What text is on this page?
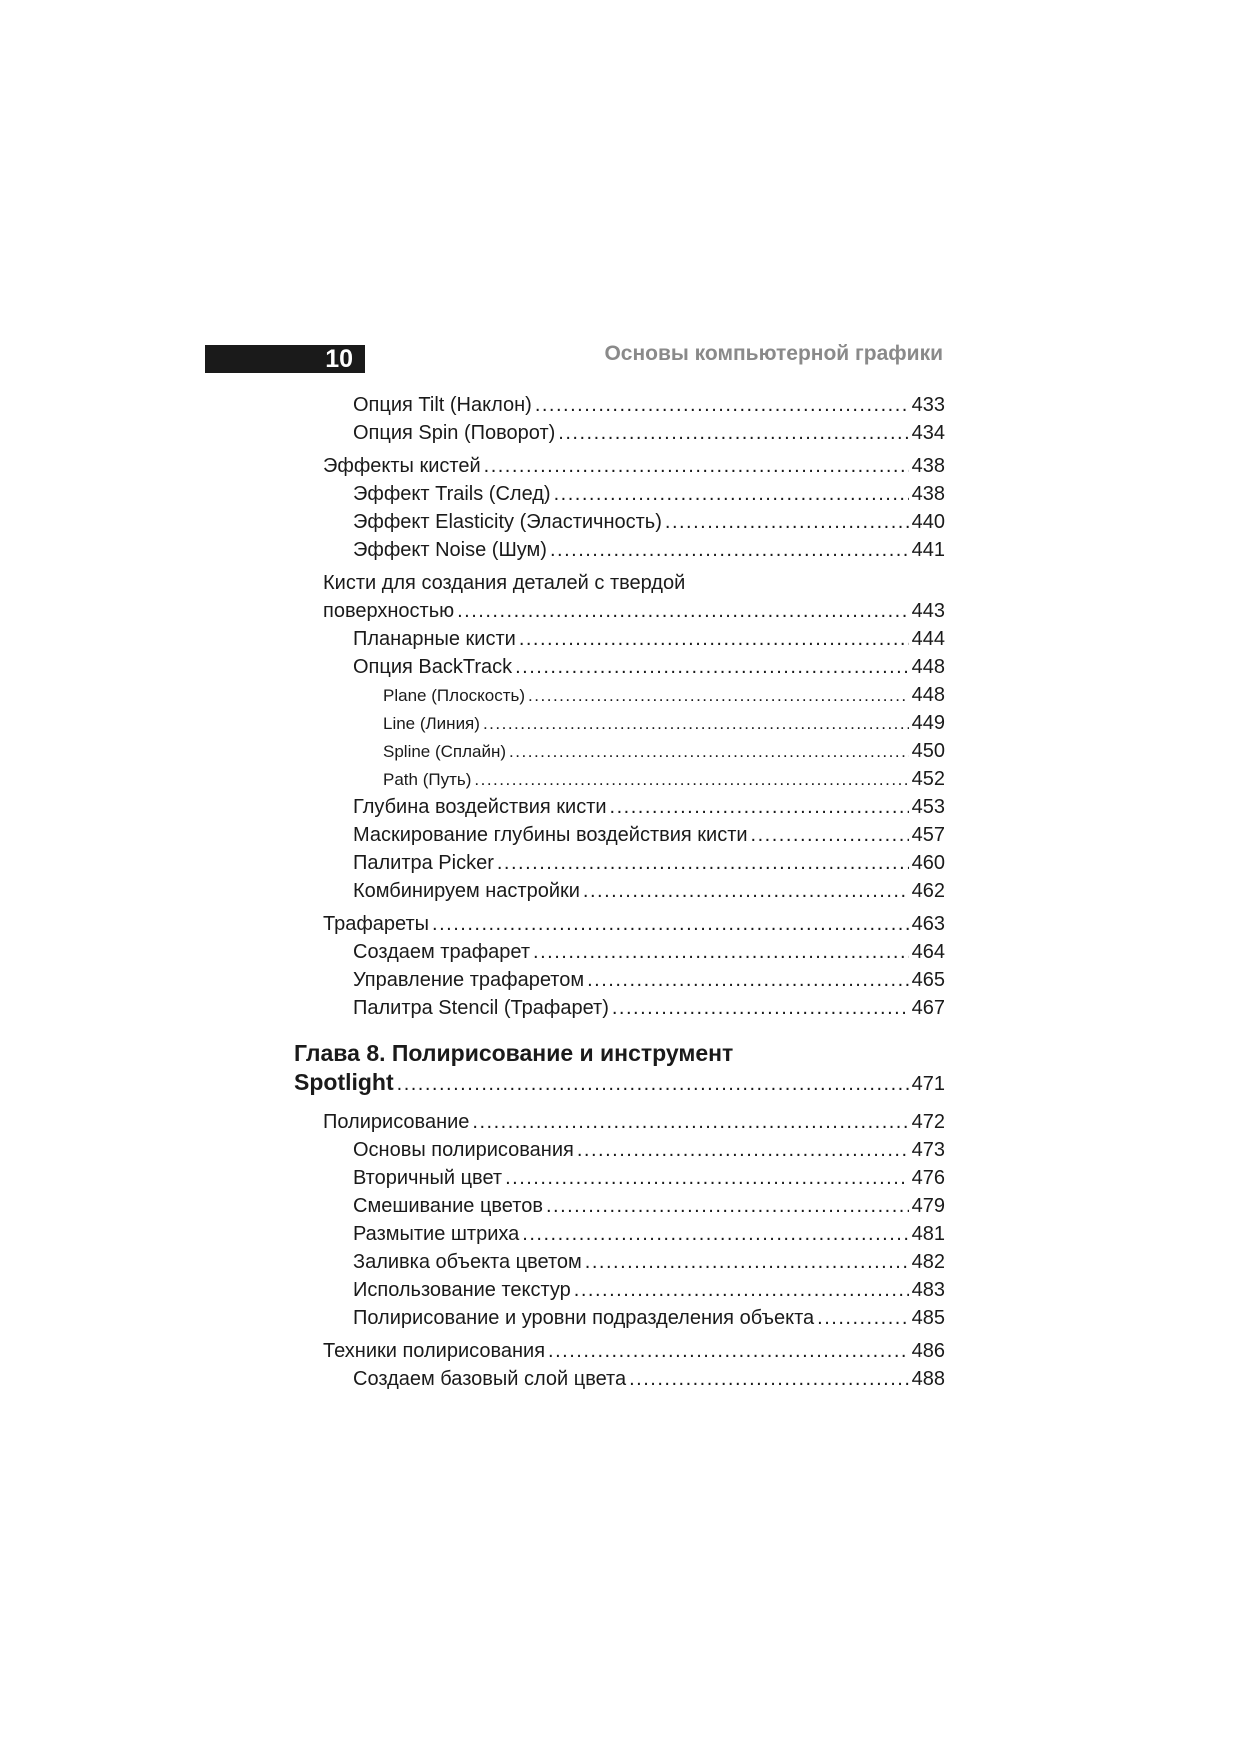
10	Основы компьютерной графики
Опция Tilt (Наклон) .....	433
Опция Spin (Поворот) .....	434
Эффекты кистей .....	438
Эффект Trails (След) .....	438
Эффект Elasticity (Эластичность) .....	440
Эффект Noise (Шум) .....	441
Кисти для создания деталей с твердой
поверхностью .....	443
Планарные кисти .....	444
Опция BackTrack .....	448
Plane (Плоскость) .....	448
Line (Линия) .....	449
Spline (Сплайн) .....	450
Path (Путь) .....	452
Глубина воздействия кисти .....	453
Маскирование глубины воздействия кисти .....	457
Палитра Picker .....	460
Комбинируем настройки .....	462
Трафареты .....	463
Создаем трафарет .....	464
Управление трафаретом .....	465
Палитра Stencil (Трафарет) .....	467
Глава 8. Полирисование и инструмент
Spotlight .....	471
Полирисование .....	472
Основы полирисования .....	473
Вторичный цвет .....	476
Смешивание цветов .....	479
Размытие штриха .....	481
Заливка объекта цветом .....	482
Использование текстур .....	483
Полирисование и уровни подразделения объекта .....	485
Техники полирисования .....	486
Создаем базовый слой цвета .....	488
